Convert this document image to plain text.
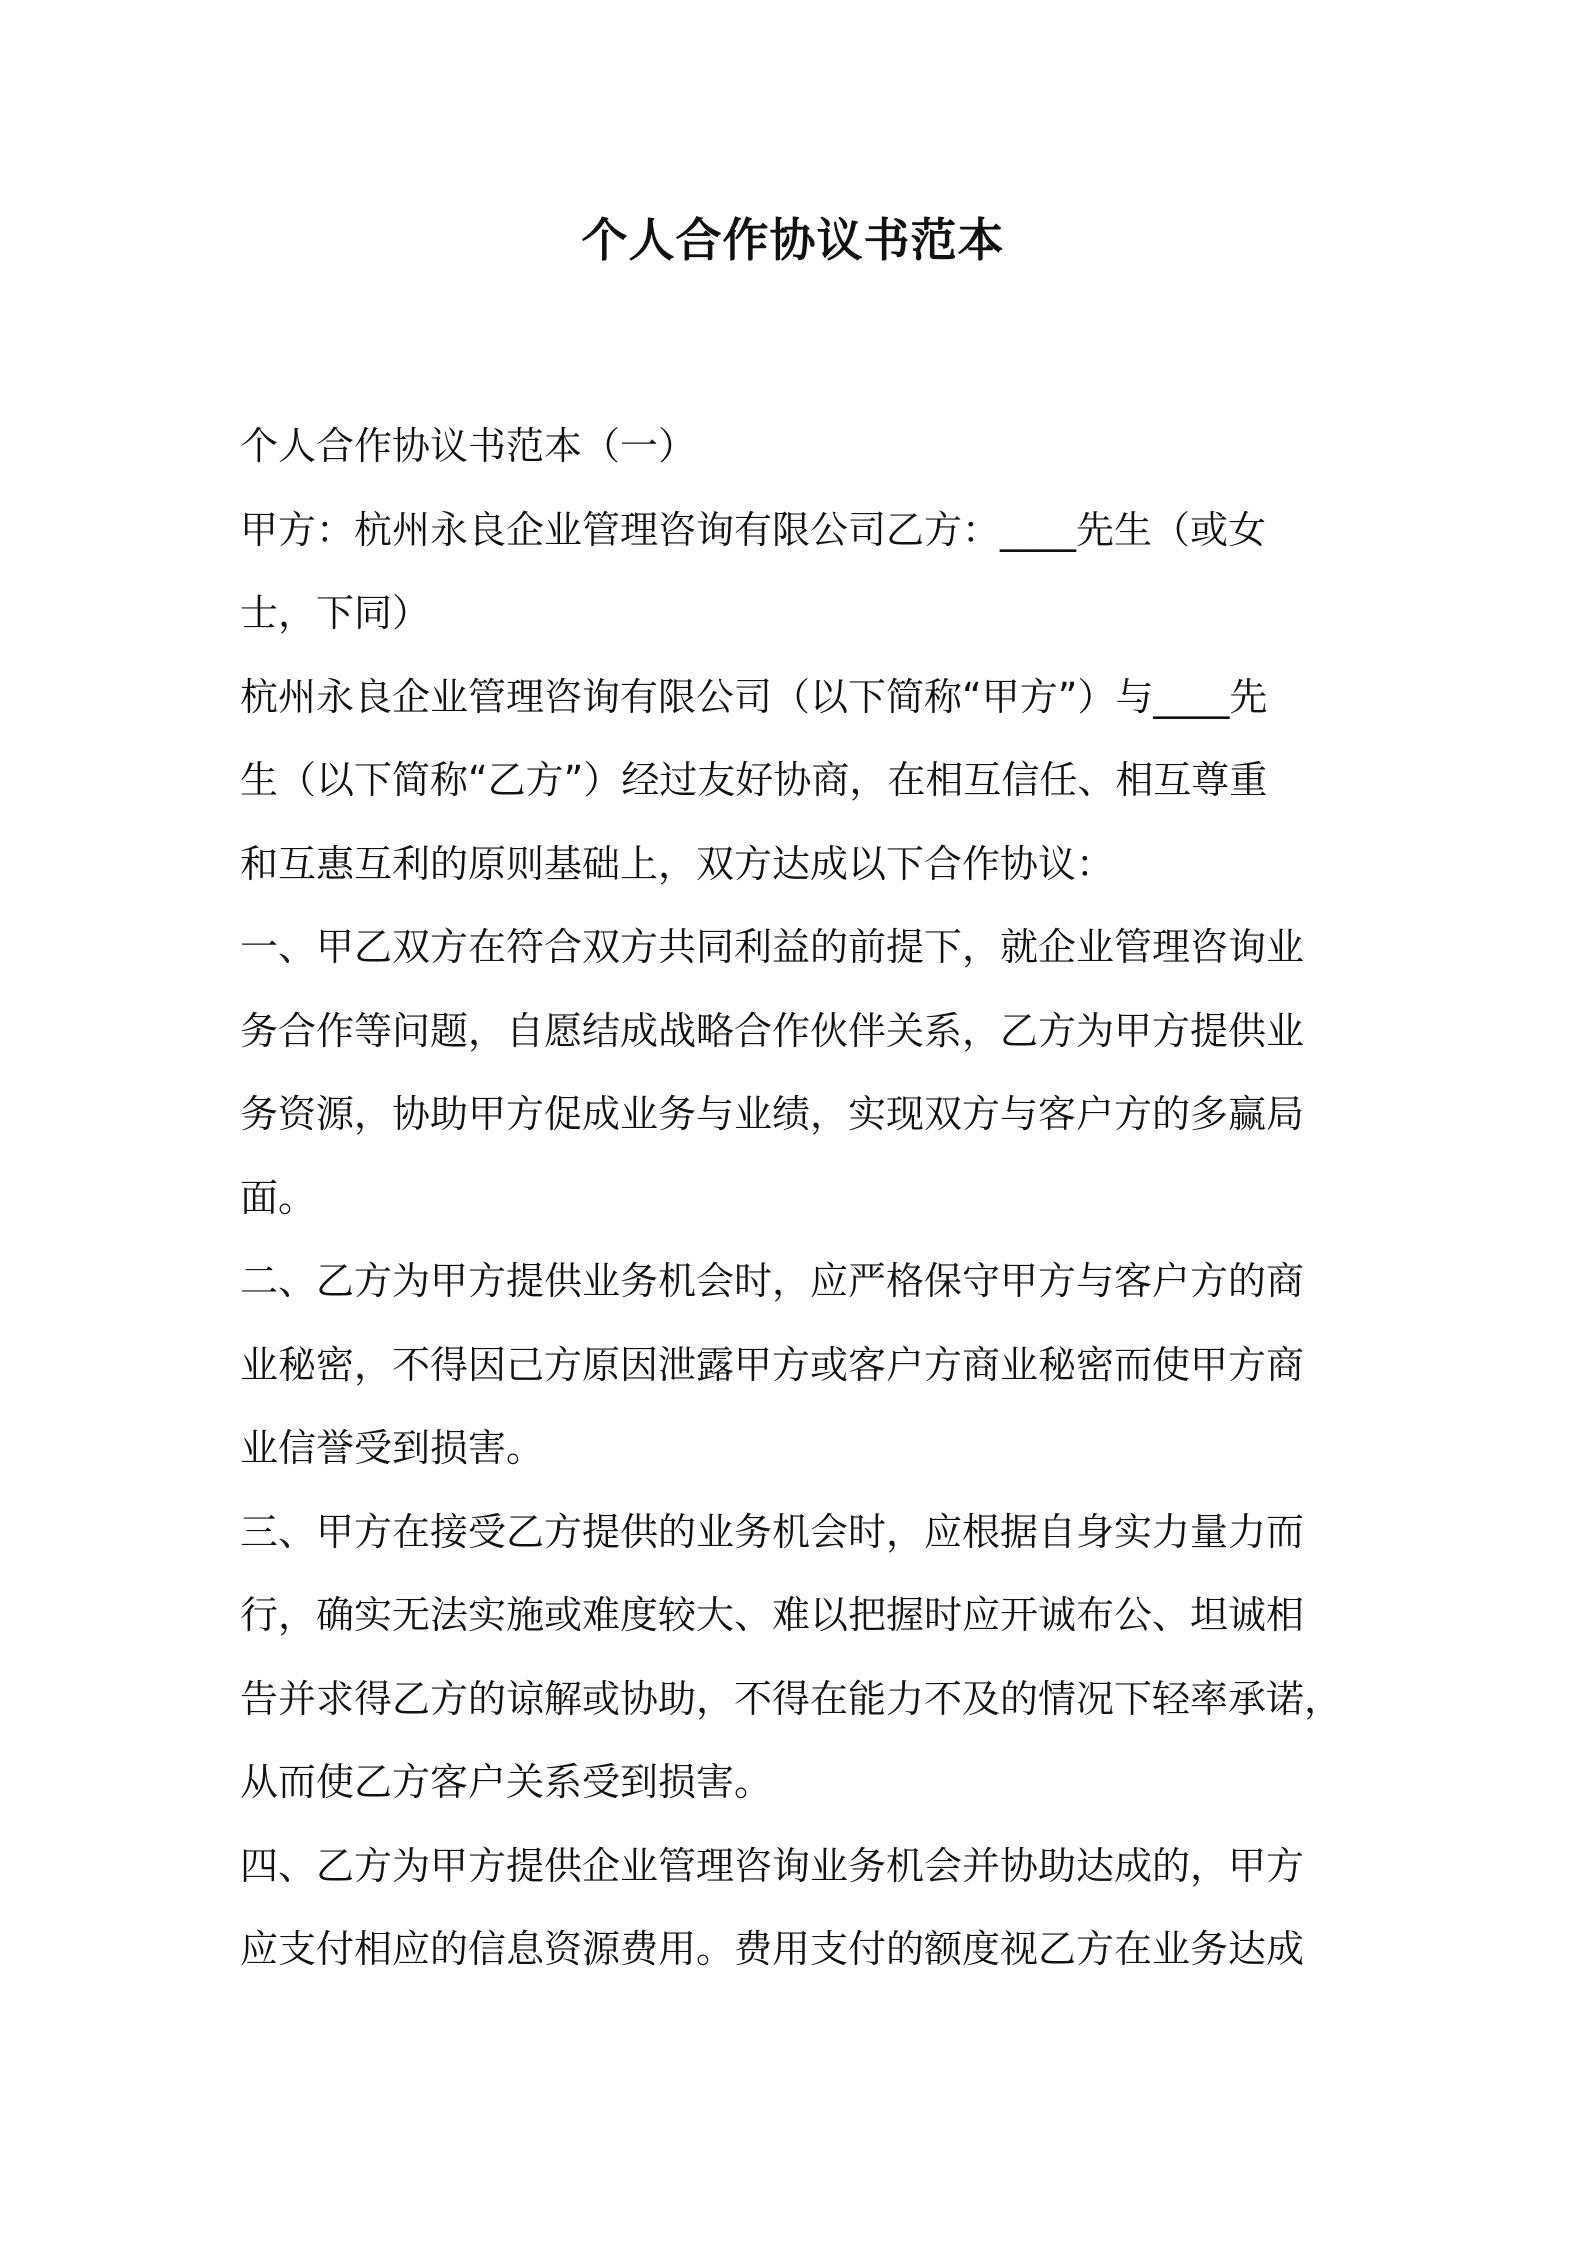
个人合作协议书范本
个人合作协议书范本（一）
甲方：杭州永良企业管理咨询有限公司乙方：____先生（或女
士，下同）
杭州永良企业管理咨询有限公司（以下简称“甲方”）与____先
生（以下简称“乙方”）经过友好协商，在相互信任、相互尊重
和互惠互利的原则基础上，双方达成以下合作协议：
一、甲乙双方在符合双方共同利益的前提下，就企业管理咨询业
务合作等问题，自愿结成战略合作伙伴关系，乙方为甲方提供业
务资源，协助甲方促成业务与业绩，实现双方与客户方的多赢局
面。
二、乙方为甲方提供业务机会时，应严格保守甲方与客户方的商
业秘密，不得因己方原因泄露甲方或客户方商业秘密而使甲方商
业信誉受到损害。
三、甲方在接受乙方提供的业务机会时，应根据自身实力量力而
行，确实无法实施或难度较大、难以把握时应开诚布公、坦诚相
告并求得乙方的谅解或协助，不得在能力不及的情况下轻率承诺，
从而使乙方客户关系受到损害。
四、乙方为甲方提供企业管理咨询业务机会并协助达成的，甲方
应支付相应的信息资源费用。费用支付的额度视乙方在业务达成
